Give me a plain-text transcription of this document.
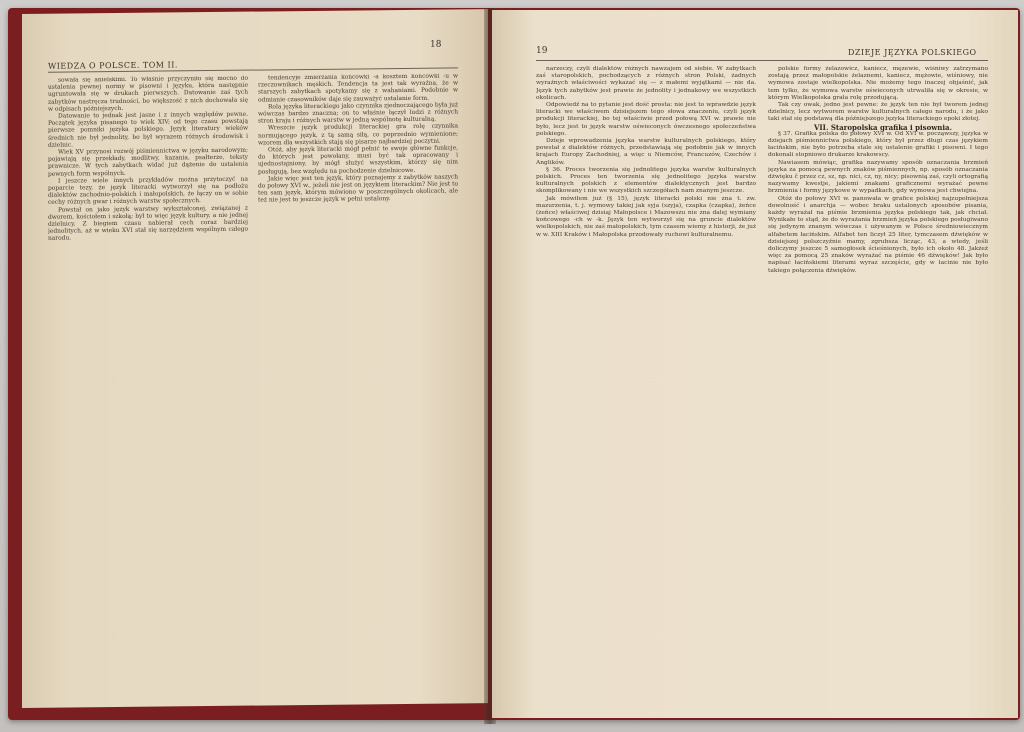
WIEDZA O POLSCE. TOM II.
18

sowała się anielskimi. To właśnie przyczyniło się mocno do ustalenia pewnej normy w pisowni i języku, która następnie ugruntowała się w drukach pierwszych. Datowanie zaś tych zabytków nastręcza trudności, bo większość z nich dochowała się w odpisach późniejszych.

Datowanie to jednak jest jasne i z innych względów pewne. Początek języka pisanego to wiek XIV; od tego czasu powstają pierwsze pomniki języka polskiego. Język literatury wieków średnich nie był jednolity, bo był wyrazem różnych środowisk i dzielnic.

Wiek XV przynosi rozwój piśmiennictwa w języku narodowym; pojawiają się przekłady, modlitwy, kazania, psałterze, teksty prawnicze. W tych zabytkach widać już dążenie do ustalenia pewnych form wspólnych.

I jeszcze wiele innych przykładów można przytoczyć na poparcie tezy, że język literacki wytworzył się na podłożu dialektów zachodnio-polskich i małopolskich, że łączy on w sobie cechy różnych gwar i różnych warstw społecznych.

Powstał on jako język warstwy wykształconej, związanej z dworem, kościołem i szkołą; był to więc język kultury, a nie jednej dzielnicy. Z biegiem czasu nabierał cech coraz bardziej jednolitych, aż w wieku XVI stał się narzędziem wspólnym całego narodu.

tendencyje zmierzania końcówki -a kosztem końcówki -u w rzeczownikach męskich. Tendencja ta jest tak wyraźna, że w starszych zabytkach spotykamy się z wahaniami. Podobnie w odmianie czasowników daje się zauważyć ustalanie form.

Rola języka literackiego jako czynnika zjednoczającego była już wówczas bardzo znaczna; on to właśnie łączył ludzi z różnych stron kraju i różnych warstw w jedną wspólnotę kulturalną.

Wreszcie język produkcji literackiej gra rolę czynnika normującego język, z tą samą siłą, co poprzednio wymienione; wzorem dla wszystkich stają się pisarze najbardziej poczytni.

Otóż, aby język literacki mógł pełnić te swoje główne funkcje, do których jest powołany, musi być tak opracowany i ujednostajniony, by mógł służyć wszystkim, którzy się nim posługują, bez względu na pochodzenie dzielnicowe.

Jakie więc jest ten język, który poznajemy z zabytków naszych do połowy XVI w., jeżeli nie jest on językiem literackim? Nie jest to ten sam język, którym mówiono w poszczególnych okolicach, ale też nie jest to jeszcze język w pełni ustalony.

19	DZIEJE JĘZYKA POLSKIEGO

narzeczy, czyli dialektów różnych nawzajem od siebie. W zabytkach zaś staropolskich, pochodzących z różnych stron Polski, żadnych wyraźnych właściwości wykazać się — z małemi wyjątkami — nie da. Język tych zabytków jest prawie że jednolity i jednakowy we wszystkich okolicach.

Odpowiedź na to pytanie jest dość prosta: nie jest to wprawdzie język literacki we właściwem dzisiejszem tego słowa znaczeniu, czyli język produkcji literackiej, bo tej właściwie przed połową XVI w. prawie nie było, lecz jest to język warstw oświeconych ówczesnego społeczeństwa polskiego.

Dzieje wprowadzenia języka warstw kulturalnych polskiego, który powstał z dialektów różnych, przedstawiają się podobnie jak w innych krajach Europy Zachodniej, a więc u Niemców, Francuzów, Czechów i Anglików.

§ 36. Proces tworzenia się jednolitego języka warstw kulturalnych polskich. Proces ten tworzenia się jednolitego języka warstw kulturalnych polskich z elementów dialektycznych jest bardzo skomplikowany i nie we wszystkich szczegółach nam znanym jeszcze.

Jak mówiłem już (§ 15), język literacki polski nie zna t. zw. mazurzenia, t. j. wymowy takiej jak syja (szyja), czapka (czapka), żeńce (żeńce) właściwej dzisiaj Małopolsce i Mazowszu nie zna dalej wymiany końcowego -ch w -k. Język ten wytworzył się na gruncie dialektów wielkopolskich, nie zaś małopolskich, tym czasem wiemy z historji, że już w w. XIII Kraków i Małopolska przodowały ruchowi kulturalnemu.

polskie formy żelazowicz, kaniecz, męzewie, wiśniwy zatrzymano zostają przez małopolskie żelaznemi, kaniecz, mężowie, wiśniowy, nie wymowa zostaje wielkopolska. Nie możemy tego inaczej objaśnić, jak tem tylko, że wymowa warstw oświeconych utrwaliła się w okresie, w którym Wielkopolska grała rolę przodującą.

Tak czy owak, jedno jest pewne: że język ten nie był tworem jednej dzielnicy, lecz wytworem warstw kulturalnych całego narodu, i że jako taki stał się podstawą dla późniejszego języka literackiego epoki złotej.

VII. Staropolska grafika i pisownia.

§ 37. Grafika polska do połowy XVI w. Od XVI w. począwszy, języka w dziejach piśmiennictwa polskiego, który był przez długi czas językiem łacińskim, nie było potrzeba stale się ustalenie grafiki i pisowni. I tego dokonali stopniowo drukarze krakowscy.

Nawiasem mówiąc, grafika nazywamy sposób oznaczania brzmień języka za pomocą pewnych znaków piśmiennych, np. sposób oznaczania dźwięku č przez cz, sz, np. nici, cz, ny, nicy; pisownią zaś, czyli ortografią nazywamy kwestje, jakiemi znakami graficznemi wyrażać pewne brzmienia i formy językowe w wypadkach, gdy wymowa jest chwiejna.

Otóż do połowy XVI w. panowała w grafice polskiej najzupełniejsza dowolność i anarchja — wobec braku ustalonych sposobów pisania, każdy wyrażał na piśmie brzmienia języka polskiego tak, jak chciał. Wynikało to stąd, że do wyrażania brzmień języka polskiego posługiwano się jedynym znanym wówczas i używanym w Polsce średniowiecznym alfabetem łacińskim. Alfabet ten liczył 25 liter, tymczasem dźwięków w dzisiejszej polszczyźnie mamy, zgrubsza licząc, 43, a wtedy, jeśli doliczymy jeszcze 5 samogłosek ścieśnionych, było ich około 48. Jakżeż więc za pomocą 25 znaków wyrażać na piśmie 46 dźwięków! Jak było napisać łacińskiemi literami wyraz szczęście, gdy w łacinie nie było takiego połączenia dźwięków.
